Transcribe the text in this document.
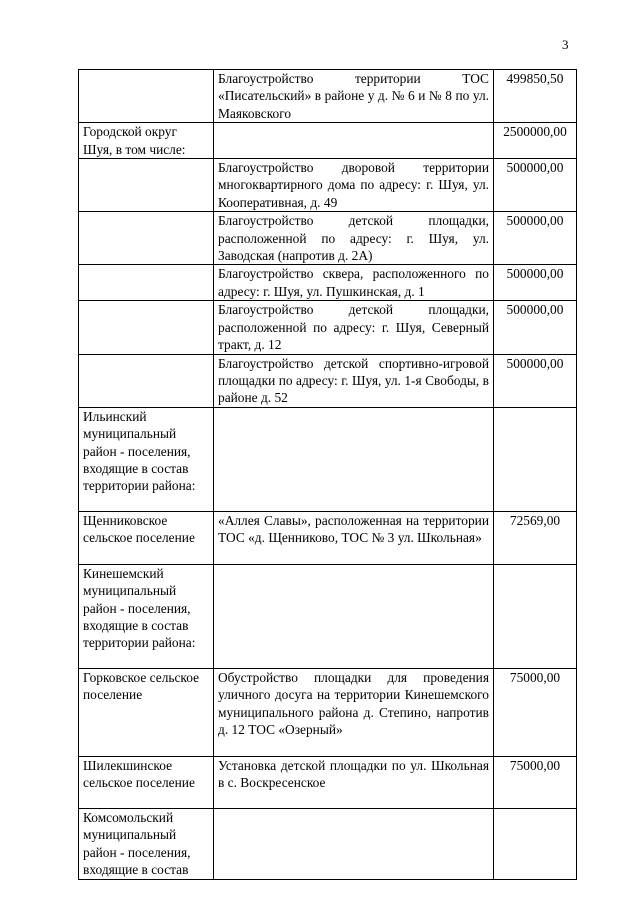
3
	Благоустройство территории ТОС «Писательский» в районе у д. № 6 и № 8 по ул. Маяковского	499850,50
Городской округ Шуя, в том числе:		2500000,00
	Благоустройство дворовой территории многоквартирного дома по адресу: г. Шуя, ул. Кооперативная, д. 49	500000,00
	Благоустройство детской площадки, расположенной по адресу: г. Шуя, ул. Заводская (напротив д. 2А)	500000,00
	Благоустройство сквера, расположенного по адресу: г. Шуя, ул. Пушкинская, д. 1	500000,00
	Благоустройство детской площадки, расположенной по адресу: г. Шуя, Северный тракт, д. 12	500000,00
	Благоустройство детской спортивно-игровой площадки по адресу: г. Шуя, ул. 1-я Свободы, в районе д. 52	500000,00
Ильинский муниципальный район - поселения, входящие в состав территории района:		
Щенниковское сельское поселение	«Аллея Славы», расположенная на территории ТОС «д. Щенниково, ТОС № 3 ул. Школьная»	72569,00
Кинешемский муниципальный район - поселения, входящие в состав территории района:		
Горковское сельское поселение	Обустройство площадки для проведения уличного досуга на территории Кинешемского муниципального района д. Степино, напротив д. 12 ТОС «Озерный»	75000,00
Шилекшинское сельское поселение	Установка детской площадки по ул. Школьная в с. Воскресенское	75000,00
Комсомольский муниципальный район - поселения, входящие в состав		
